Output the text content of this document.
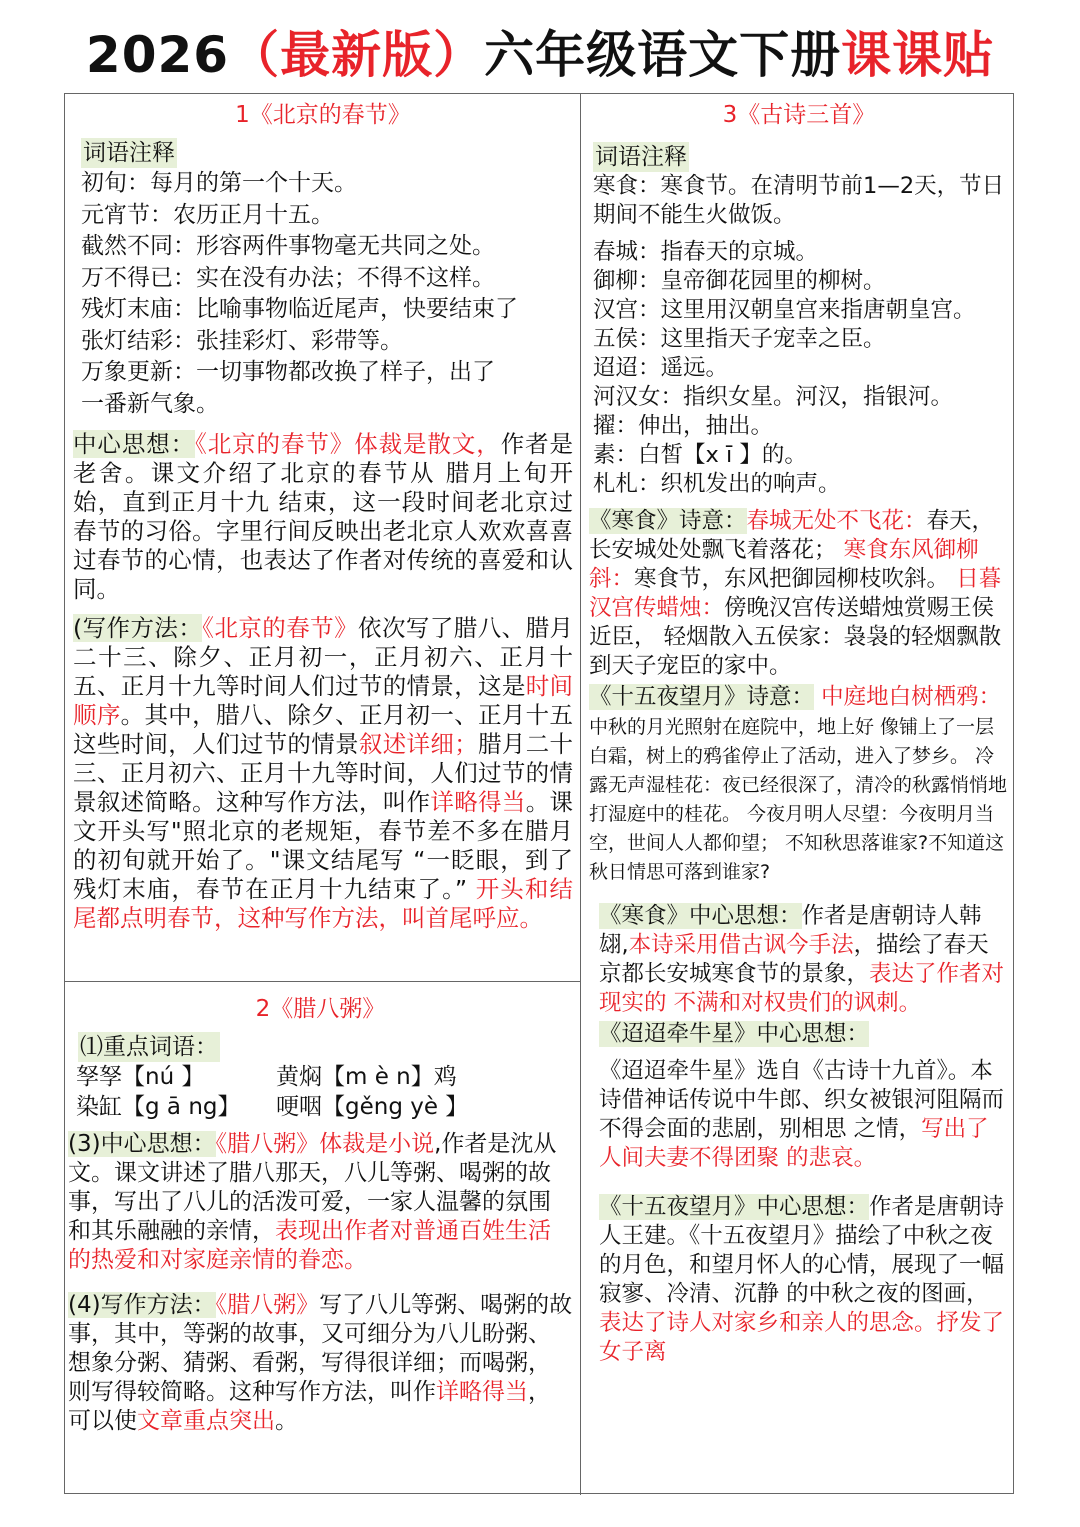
2026（最新版）六年级语文下册课课贴
1《北京的春节》
词语注释
初旬：每月的第一个十天。
元宵节：农历正月十五。
截然不同：形容两件事物毫无共同之处。
万不得已：实在没有办法；不得不这样。
残灯末庙：比喻事物临近尾声，快要结束了
张灯结彩：张挂彩灯、彩带等。
万象更新：一切事物都改换了样子，出了
一番新气象。
中心思想：《北京的春节》体裁是散文，作者是老舍。课文介绍了北京的春节从 腊月上旬开始，直到正月十九 结束，这一段时间老北京过春节的习俗。字里行间反映出老北京人欢欢喜喜过春节的心情，也表达了作者对传统的喜爱和认同。
(写作方法：《北京的春节》依次写了腊八、腊月二十三、除夕、正月初一，正月初六、正月十五、正月十九等时间人们过节的情景，这是时间顺序。其中，腊八、除夕、正月初一、正月十五这些时间，人们过节的情景叙述详细；腊月二十三、正月初六、正月十九等时间，人们过节的情景叙述简略。这种写作方法，叫作详略得当。课文开头写"照北京的老规矩，春节差不多在腊月的初旬就开始了。"课文结尾写 “一眨眼，到了残灯末庙，春节在正月十九结束了。” 开头和结尾都点明春节，这种写作方法，叫首尾呼应。
2《腊八粥》
⑴重点词语：
孥孥【nú 】	黄焖【m è n】鸡
染缸【g ā ng】	哽咽【gěng yè 】
(3)中心思想：《腊八粥》体裁是小说,作者是沈从文。课文讲述了腊八那天，八儿等粥、喝粥的故事，写出了八儿的活泼可爱，一家人温馨的氛围和其乐融融的亲情，表现出作者对普通百姓生活的热爱和对家庭亲情的眷恋。
(4)写作方法：《腊八粥》写了八儿等粥、喝粥的故事，其中，等粥的故事，又可细分为八儿盼粥、想象分粥、猜粥、看粥，写得很详细；而喝粥，则写得较简略。这种写作方法，叫作详略得当，可以使文章重点突出。
3《古诗三首》
词语注释
寒食：寒食节。在清明节前1—2天，节日期间不能生火做饭。
春城：指春天的京城。
御柳：皇帝御花园里的柳树。
汉宫：这里用汉朝皇宫来指唐朝皇宫。
五侯：这里指天子宠幸之臣。
迢迢：遥远。
河汉女：指织女星。河汉，指银河。
擢：伸出，抽出。
素：白皙【x ī 】的。
札札：织机发出的响声。
《寒食》诗意：春城无处不飞花：春天，长安城处处飘飞着落花； 寒食东风御柳斜：寒食节，东风把御园柳枝吹斜。 日暮汉宫传蜡烛：傍晚汉宫传送蜡烛赏赐王侯近臣， 轻烟散入五侯家：袅袅的轻烟飘散到天子宠臣的家中。
《十五夜望月》诗意： 中庭地白树栖鸦：中秋的月光照射在庭院中，地上好 像铺上了一层白霜，树上的鸦雀停止了活动，进入了梦乡。 冷露无声湿桂花：夜已经很深了，清冷的秋露悄悄地 打湿庭中的桂花。 今夜月明人尽望：今夜明月当空，世间人人都仰望； 不知秋思落谁家?不知道这秋日情思可落到谁家?
《寒食》中心思想：作者是唐朝诗人韩翃,本诗采用借古讽今手法，描绘了春天京都长安城寒食节的景象，表达了作者对现实的 不满和对权贵们的讽刺。
《迢迢牵牛星》中心思想：
《迢迢牵牛星》选自《古诗十九首》。本诗借神话传说中牛郎、织女被银河阻隔而不得会面的悲剧，别相思 之情，写出了人间夫妻不得团聚 的悲哀。
《十五夜望月》中心思想：作者是唐朝诗人王建。《十五夜望月》描绘了中秋之夜的月色，和望月怀人的心情，展现了一幅寂寥、冷清、沉静 的中秋之夜的图画，表达了诗人对家乡和亲人的思念。抒发了女子离
